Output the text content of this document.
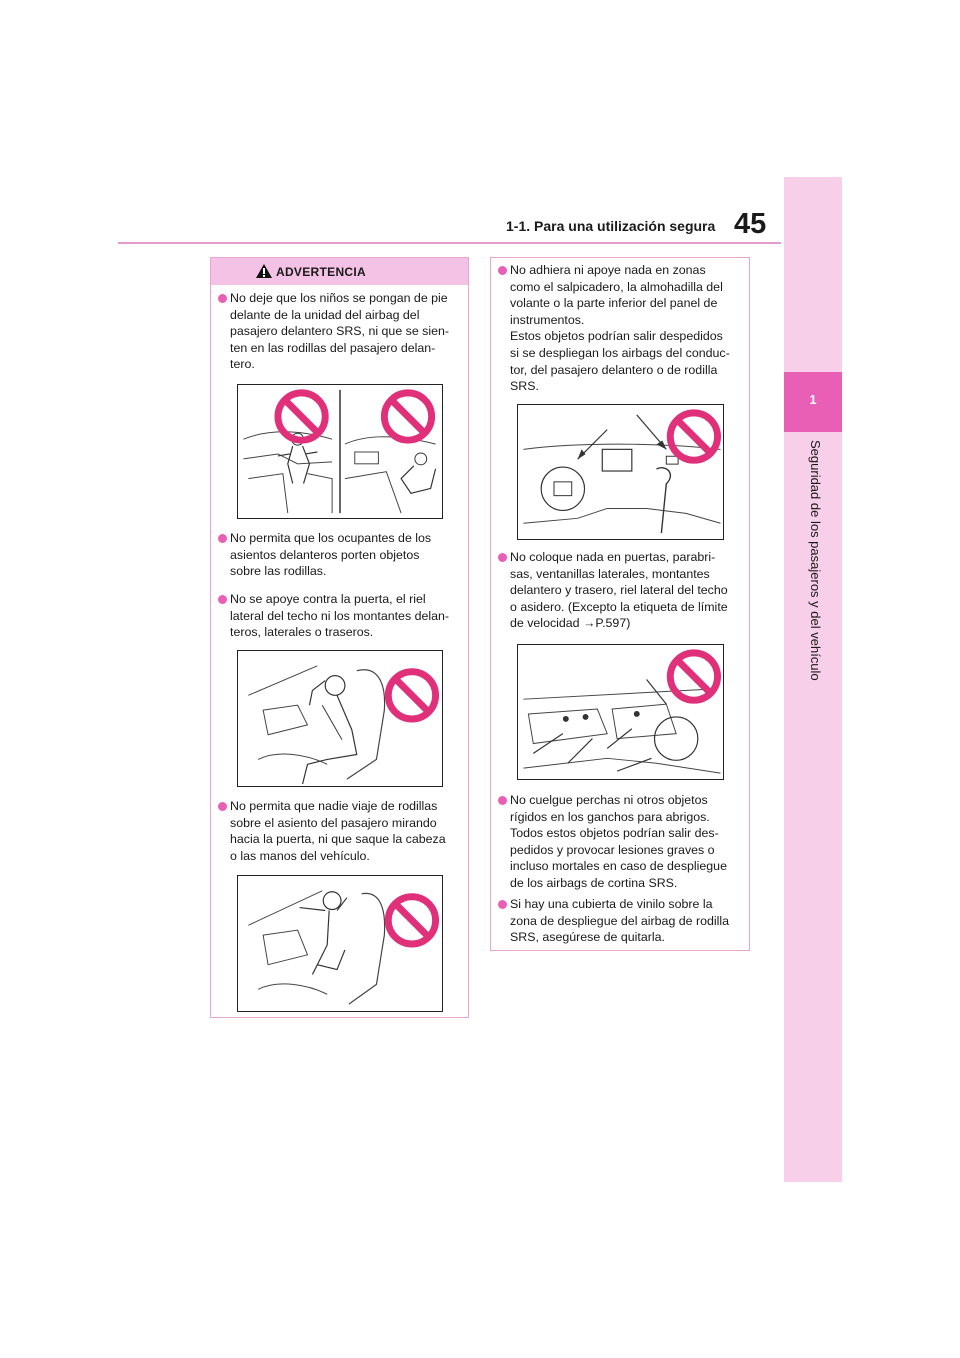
1-1. Para una utilización segura 45
1
Seguridad de los pasajeros y del vehículo
ADVERTENCIA
No deje que los niños se pongan de pie
delante de la unidad del airbag del
pasajero delantero SRS, ni que se sien-
ten en las rodillas del pasajero delan-
tero.
No permita que los ocupantes de los
asientos delanteros porten objetos
sobre las rodillas.
No se apoye contra la puerta, el riel
lateral del techo ni los montantes delan-
teros, laterales o traseros.
No permita que nadie viaje de rodillas
sobre el asiento del pasajero mirando
hacia la puerta, ni que saque la cabeza
o las manos del vehículo.
No adhiera ni apoye nada en zonas
como el salpicadero, la almohadilla del
volante o la parte inferior del panel de
instrumentos.
Estos objetos podrían salir despedidos
si se despliegan los airbags del conduc-
tor, del pasajero delantero o de rodilla
SRS.
No coloque nada en puertas, parabri-
sas, ventanillas laterales, montantes
delantero y trasero, riel lateral del techo
o asidero. (Excepto la etiqueta de límite
de velocidad →P.597)
No cuelgue perchas ni otros objetos
rígidos en los ganchos para abrigos.
Todos estos objetos podrían salir des-
pedidos y provocar lesiones graves o
incluso mortales en caso de despliegue
de los airbags de cortina SRS.
Si hay una cubierta de vinilo sobre la
zona de despliegue del airbag de rodilla
SRS, asegúrese de quitarla.
